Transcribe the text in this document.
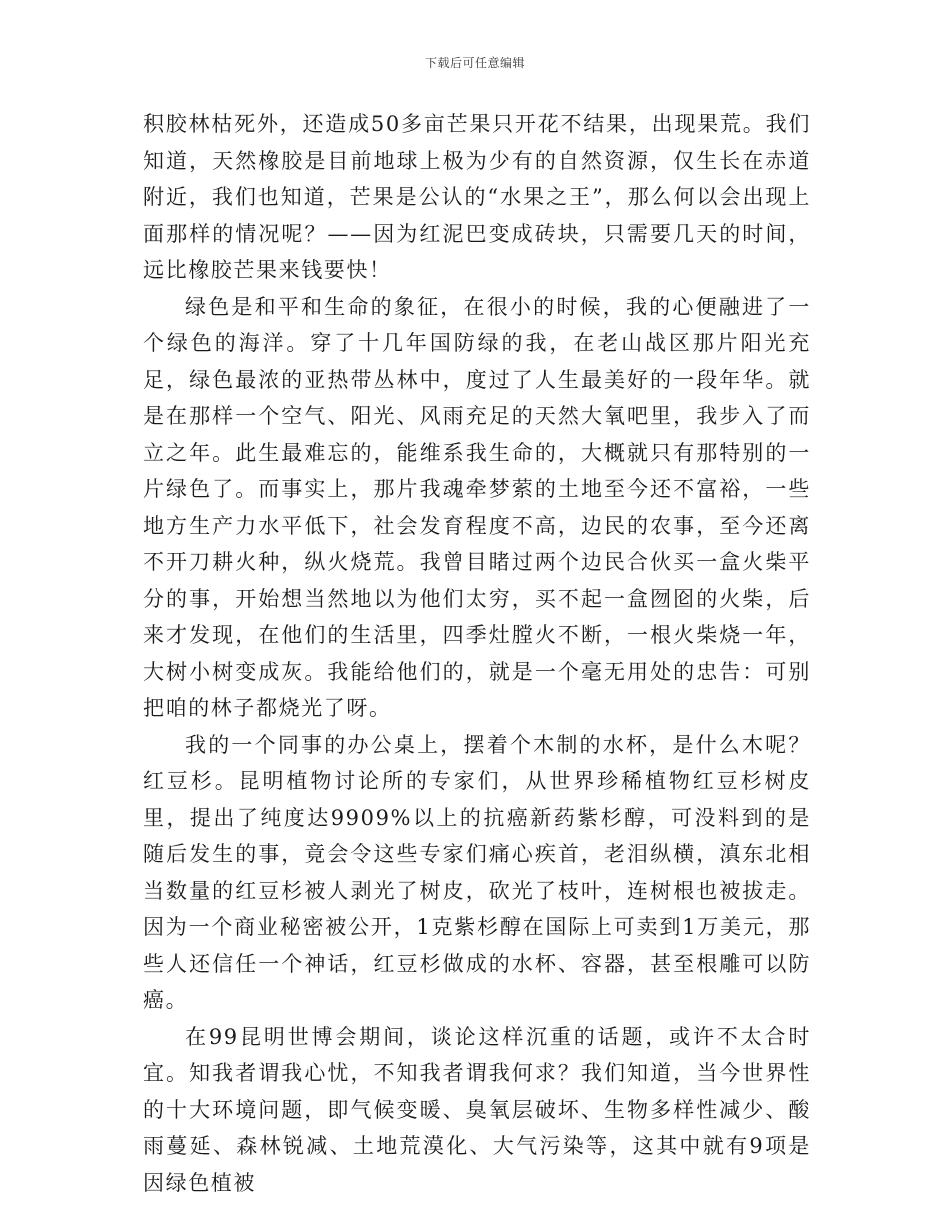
下载后可任意编辑

积胶林枯死外，还造成50多亩芒果只开花不结果，出现果荒。我们知道，天然橡胶是目前地球上极为少有的自然资源，仅生长在赤道附近，我们也知道，芒果是公认的“水果之王”，那么何以会出现上面那样的情况呢？——因为红泥巴变成砖块，只需要几天的时间，远比橡胶芒果来钱要快！

绿色是和平和生命的象征，在很小的时候，我的心便融进了一个绿色的海洋。穿了十几年国防绿的我，在老山战区那片阳光充足，绿色最浓的亚热带丛林中，度过了人生最美好的一段年华。就是在那样一个空气、阳光、风雨充足的天然大氧吧里，我步入了而立之年。此生最难忘的，能维系我生命的，大概就只有那特别的一片绿色了。而事实上，那片我魂牵梦萦的土地至今还不富裕，一些地方生产力水平低下，社会发育程度不高，边民的农事，至今还离不开刀耕火种，纵火烧荒。我曾目睹过两个边民合伙买一盒火柴平分的事，开始想当然地以为他们太穷，买不起一盒囫囵的火柴，后来才发现，在他们的生活里，四季灶膛火不断，一根火柴烧一年，大树小树变成灰。我能给他们的，就是一个毫无用处的忠告：可别把咱的林子都烧光了呀。

我的一个同事的办公桌上，摆着个木制的水杯，是什么木呢？红豆杉。昆明植物讨论所的专家们，从世界珍稀植物红豆杉树皮里，提出了纯度达9909%以上的抗癌新药紫杉醇，可没料到的是随后发生的事，竟会令这些专家们痛心疾首，老泪纵横，滇东北相当数量的红豆杉被人剥光了树皮，砍光了枝叶，连树根也被拔走。因为一个商业秘密被公开，1克紫杉醇在国际上可卖到1万美元，那些人还信任一个神话，红豆杉做成的水杯、容器，甚至根雕可以防癌。

在99昆明世博会期间，谈论这样沉重的话题，或许不太合时宜。知我者谓我心忧，不知我者谓我何求？我们知道，当今世界性的十大环境问题，即气候变暖、臭氧层破坏、生物多样性减少、酸雨蔓延、森林锐减、土地荒漠化、大气污染等，这其中就有9项是因绿色植被
